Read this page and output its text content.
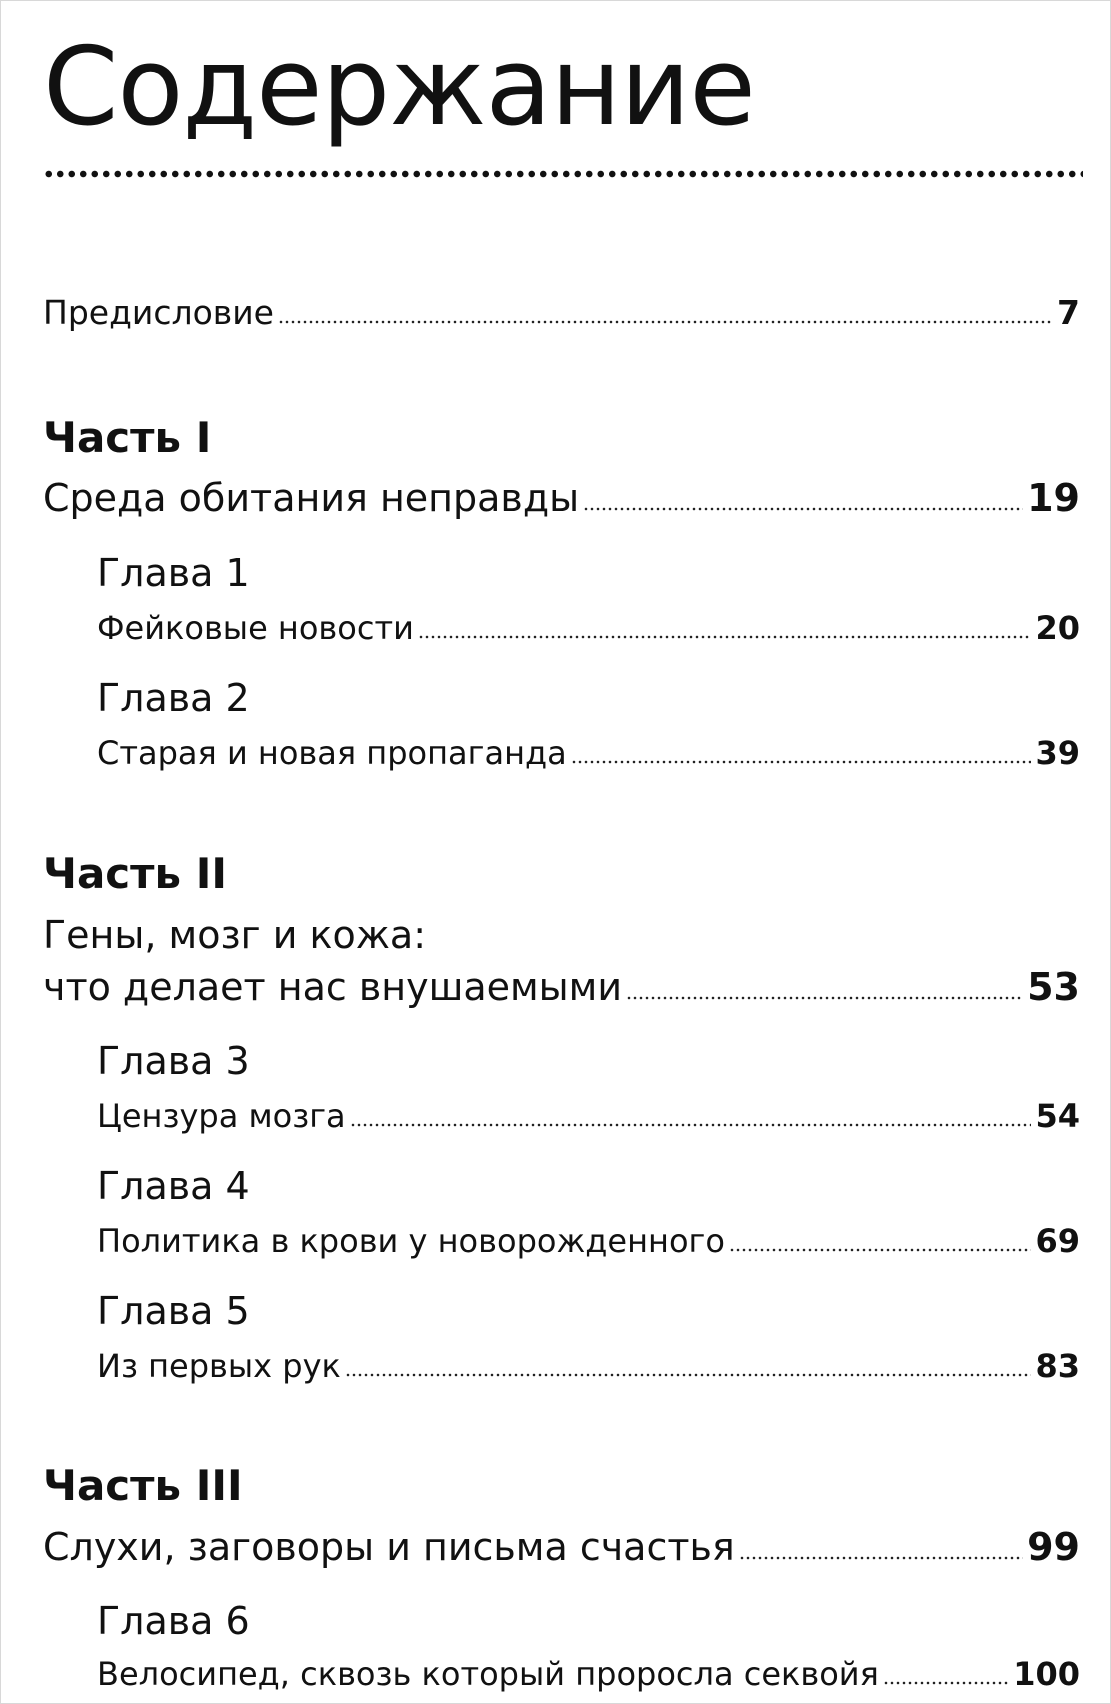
Содержание
Предисловие	7
Часть I
Среда обитания неправды	19
Глава 1
Фейковые новости	20
Глава 2
Старая и новая пропаганда	39
Часть II
Гены, мозг и кожа:
что делает нас внушаемыми	53
Глава 3
Цензура мозга	54
Глава 4
Политика в крови у новорожденного	69
Глава 5
Из первых рук	83
Часть III
Слухи, заговоры и письма счастья	99
Глава 6
Велосипед, сквозь который проросла секвойя	100
